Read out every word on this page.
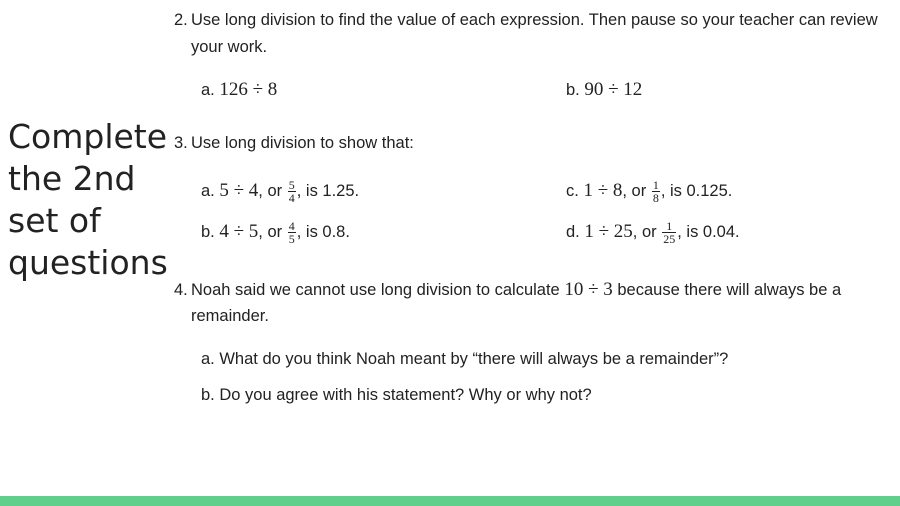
Complete
the 2nd
set of
questions
2. Use long division to find the value of each expression. Then pause so your teacher can review
your work.
a. 126 ÷ 8	b. 90 ÷ 12
3. Use long division to show that:
a. 5 ÷ 4, or $\frac{5}{4}$ , is 1.25.	c. 1 ÷ 8, or $\frac{1}{8}$ , is 0.125.
b. 4 ÷ 5, or $\frac{4}{5}$ , is 0.8.	d. 1 ÷ 25, or $\frac{1}{25}$ , is 0.04.
4. Noah said we cannot use long division to calculate 10 ÷ 3 because there will always be a
remainder.
a. What do you think Noah meant by “there will always be a remainder”?
b. Do you agree with his statement? Why or why not?
